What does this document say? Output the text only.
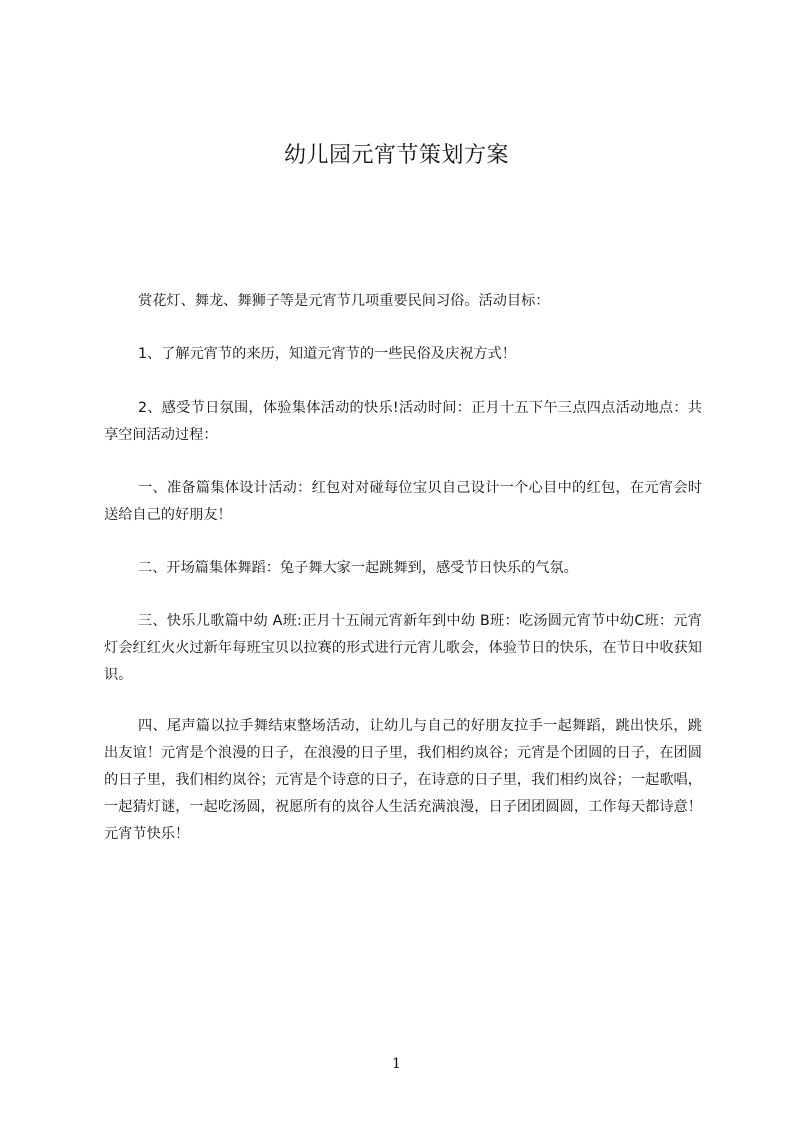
幼儿园元宵节策划方案
赏花灯、舞龙、舞狮子等是元宵节几项重要民间习俗。活动目标：
1、了解元宵节的来历，知道元宵节的一些民俗及庆祝方式！
2、感受节日氛围，体验集体活动的快乐!活动时间：正月十五下午三点四点活动地点：共享空间活动过程：
一、准备篇集体设计活动：红包对对碰每位宝贝自己设计一个心目中的红包，在元宵会时送给自己的好朋友！
二、开场篇集体舞蹈：兔子舞大家一起跳舞到，感受节日快乐的气氛。
三、快乐儿歌篇中幼 A班:正月十五闹元宵新年到中幼 B班：吃汤圆元宵节中幼C班：元宵灯会红红火火过新年每班宝贝以拉赛的形式进行元宵儿歌会，体验节日的快乐，在节日中收获知识。
四、尾声篇以拉手舞结束整场活动，让幼儿与自己的好朋友拉手一起舞蹈，跳出快乐，跳出友谊！元宵是个浪漫的日子，在浪漫的日子里，我们相约岚谷；元宵是个团圆的日子，在团圆的日子里，我们相约岚谷；元宵是个诗意的日子，在诗意的日子里，我们相约岚谷；一起歌唱，一起猜灯谜，一起吃汤圆，祝愿所有的岚谷人生活充满浪漫，日子团团圆圆，工作每天都诗意！元宵节快乐！
1
